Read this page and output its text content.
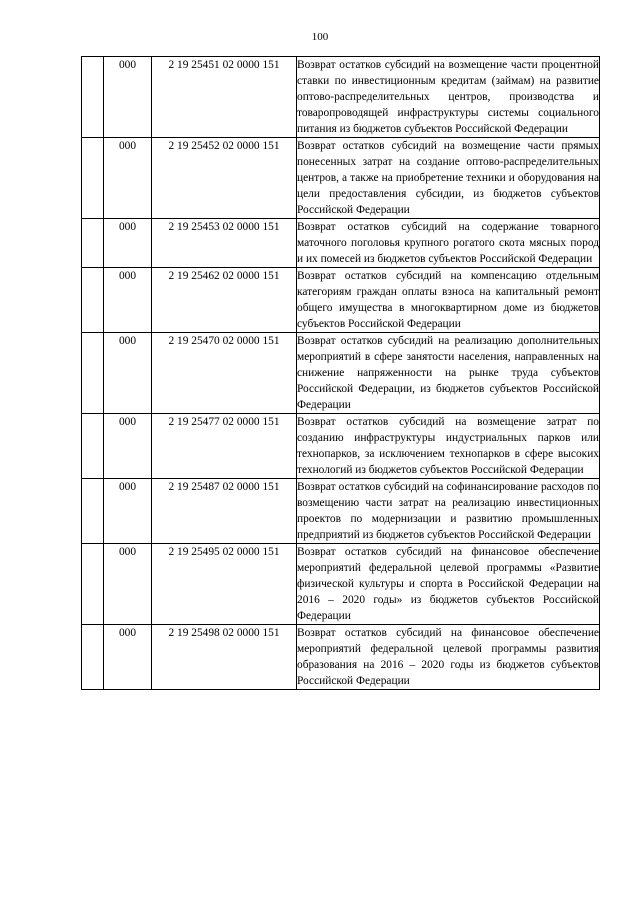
100
	000	2 19 25451 02 0000 151	Возврат остатков субсидий на возмещение части процентной ставки по инвестиционным кредитам (займам) на развитие оптово-распределительных центров, производства и товаропроводящей инфраструктуры системы социального питания из бюджетов субъектов Российской Федерации
	000	2 19 25452 02 0000 151	Возврат остатков субсидий на возмещение части прямых понесенных затрат на создание оптово-распределительных центров, а также на приобретение техники и оборудования на цели предоставления субсидии, из бюджетов субъектов Российской Федерации
	000	2 19 25453 02 0000 151	Возврат остатков субсидий на содержание товарного маточного поголовья крупного рогатого скота мясных пород и их помесей из бюджетов субъектов Российской Федерации
	000	2 19 25462 02 0000 151	Возврат остатков субсидий на компенсацию отдельным категориям граждан оплаты взноса на капитальный ремонт общего имущества в многоквартирном доме из бюджетов субъектов Российской Федерации
	000	2 19 25470 02 0000 151	Возврат остатков субсидий на реализацию дополнительных мероприятий в сфере занятости населения, направленных на снижение напряженности на рынке труда субъектов Российской Федерации, из бюджетов субъектов Российской Федерации
	000	2 19 25477 02 0000 151	Возврат остатков субсидий на возмещение затрат по созданию инфраструктуры индустриальных парков или технопарков, за исключением технопарков в сфере высоких технологий из бюджетов субъектов Российской Федерации
	000	2 19 25487 02 0000 151	Возврат остатков субсидий на софинансирование расходов по возмещению части затрат на реализацию инвестиционных проектов по модернизации и развитию промышленных предприятий из бюджетов субъектов Российской Федерации
	000	2 19 25495 02 0000 151	Возврат остатков субсидий на финансовое обеспечение мероприятий федеральной целевой программы «Развитие физической культуры и спорта в Российской Федерации на 2016 – 2020 годы» из бюджетов субъектов Российской Федерации
	000	2 19 25498 02 0000 151	Возврат остатков субсидий на финансовое обеспечение мероприятий федеральной целевой программы развития образования на 2016 – 2020 годы из бюджетов субъектов Российской Федерации
